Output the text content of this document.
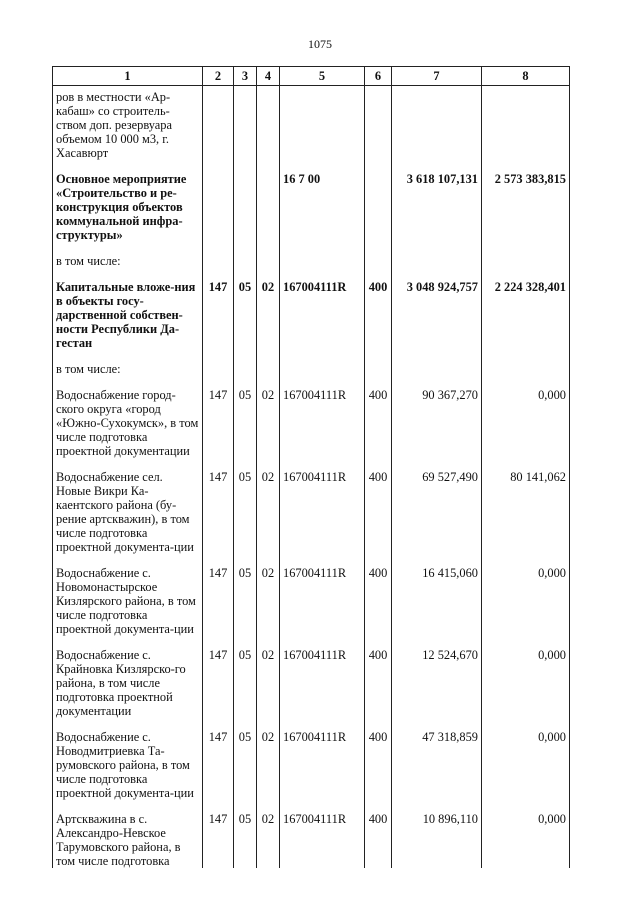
1075
1	2	3	4	5	6	7	8
ров в местности «Ар-кабаш» со строитель-ством доп. резервуара объемом 10 000 м3, г. Хасавюрт							
Основное мероприятие «Строительство и ре-конструкция объектов коммунальной инфра-структуры»				16 7 00		3 618 107,131	2 573 383,815
в том числе:							
Капитальные вложе-ния в объекты госу-дарственной собствен-ности Республики Да-гестан	147	05	02	167004111R	400	3 048 924,757	2 224 328,401
в том числе:							
Водоснабжение город-ского округа «город «Южно-Сухокумск», в том числе подготовка проектной документации	147	05	02	167004111R	400	90 367,270	0,000
Водоснабжение сел. Новые Викри Ка-каентского района (бу-рение артскважин), в том числе подготовка проектной документа-ции	147	05	02	167004111R	400	69 527,490	80 141,062
Водоснабжение с. Новомонастырское Кизлярского района, в том числе подготовка проектной документа-ции	147	05	02	167004111R	400	16 415,060	0,000
Водоснабжение с. Крайновка Кизлярско-го района, в том числе подготовка проектной документации	147	05	02	167004111R	400	12 524,670	0,000
Водоснабжение с. Новодмитриевка Та-румовского района, в том числе подготовка проектной документа-ции	147	05	02	167004111R	400	47 318,859	0,000
Артскважина в с. Александро-Невское Тарумовского района, в том числе подготовка	147	05	02	167004111R	400	10 896,110	0,000
